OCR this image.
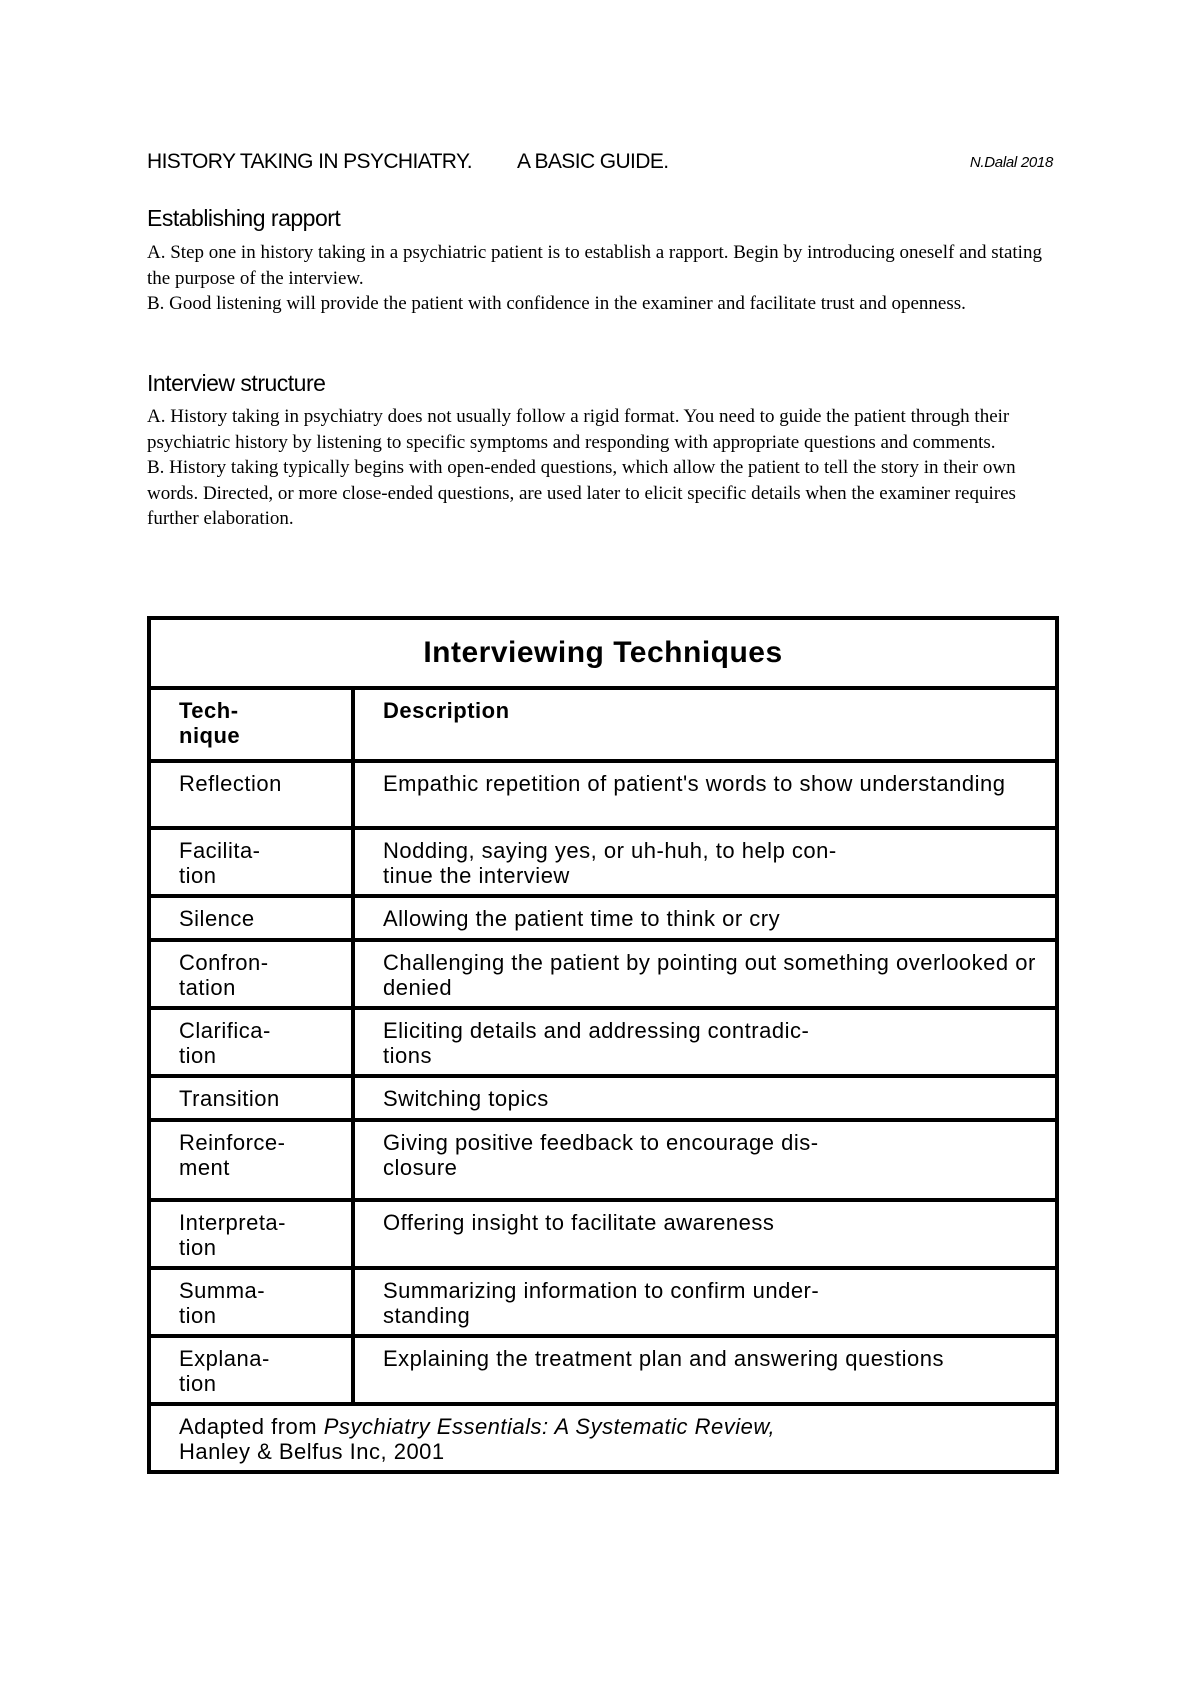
HISTORY TAKING IN PSYCHIATRY. A BASIC GUIDE.	N.Dalal 2018
Establishing rapport

A. Step one in history taking in a psychiatric patient is to establish a rapport. Begin by introducing oneself and stating the purpose of the interview.

B. Good listening will provide the patient with confidence in the examiner and facilitate trust and openness.

Interview structure

A. History taking in psychiatry does not usually follow a rigid format. You need to guide the patient through their psychiatric history by listening to specific symptoms and responding with appropriate questions and comments.

B. History taking typically begins with open-ended questions, which allow the patient to tell the story in their own words. Directed, or more close-ended questions, are used later to elicit specific details when the examiner requires further elaboration.

Interviewing Techniques	

Tech-
nique	Description

Reflection	Empathic repetition of patient's words to show understanding

Facilita-
tion	Nodding, saying yes, or uh-huh, to help con-
tinue the interview

Silence	Allowing the patient time to think or cry

Confron-
tation	Challenging the patient by pointing out something overlooked or denied

Clarifica-
tion	Eliciting details and addressing contradic-
tions

Transition	Switching topics

Reinforce-
ment	Giving positive feedback to encourage dis-
closure

Interpreta-
tion	Offering insight to facilitate awareness

Summa-
tion	Summarizing information to confirm under-
standing

Explana-
tion	Explaining the treatment plan and answering questions

Adapted from Psychiatry Essentials: A Systematic Review,
Hanley & Belfus Inc, 2001	
